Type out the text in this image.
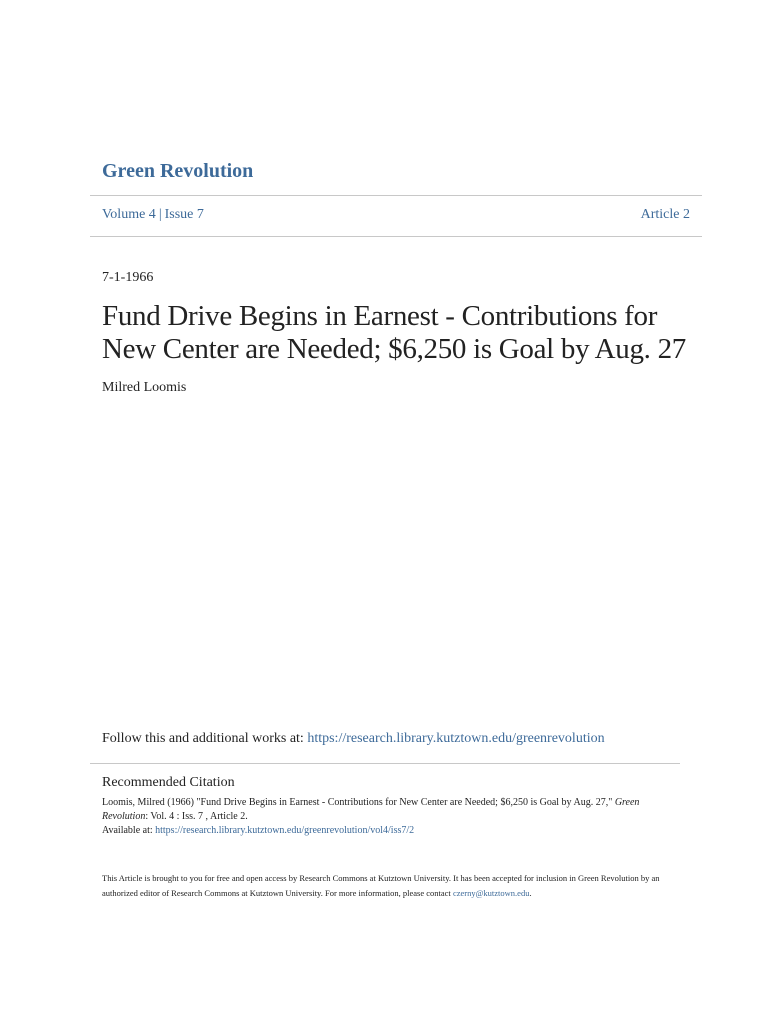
Green Revolution
Volume 4 | Issue 7	Article 2
7-1-1966
Fund Drive Begins in Earnest - Contributions for New Center are Needed; $6,250 is Goal by Aug. 27
Milred Loomis
Follow this and additional works at: https://research.library.kutztown.edu/greenrevolution
Recommended Citation
Loomis, Milred (1966) "Fund Drive Begins in Earnest - Contributions for New Center are Needed; $6,250 is Goal by Aug. 27," Green Revolution: Vol. 4 : Iss. 7 , Article 2.
Available at: https://research.library.kutztown.edu/greenrevolution/vol4/iss7/2
This Article is brought to you for free and open access by Research Commons at Kutztown University. It has been accepted for inclusion in Green Revolution by an authorized editor of Research Commons at Kutztown University. For more information, please contact czerny@kutztown.edu.
